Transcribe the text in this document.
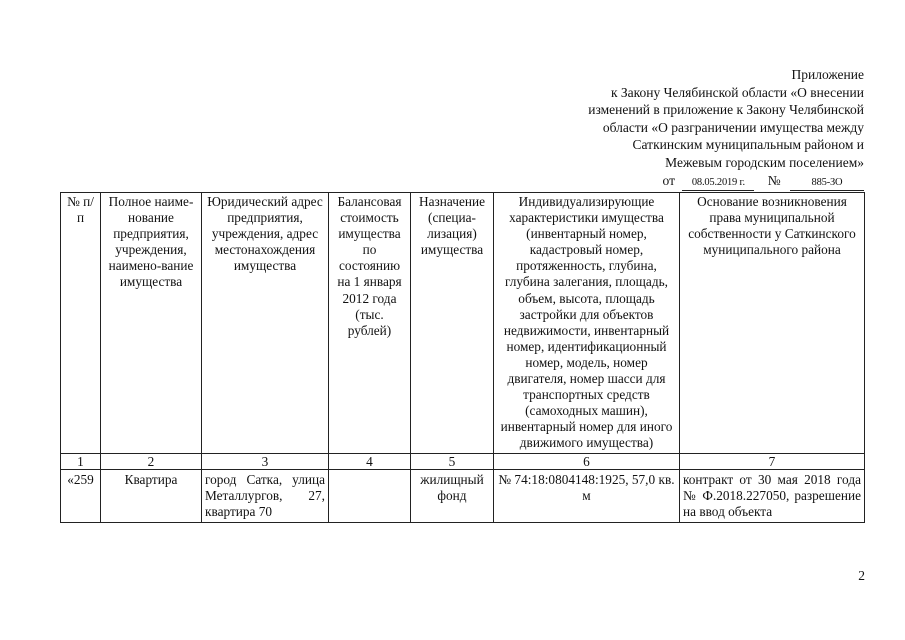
Приложение
к Закону Челябинской области «О внесении
изменений в приложение к Закону Челябинской
области «О разграничении имущества между
Саткинским муниципальным районом и
Межевым городским поселением»
от 08.05.2019 г. №	885-ЗО
№ п/п	Полное наиме-нование предприятия, учреждения, наимено-вание имущества	Юридический адрес предприятия, учреждения, адрес местонахождения имущества	Балансовая стоимость имущества по состоянию на 1 января 2012 года (тыс. рублей)	Назначение (специа-лизация) имущества	Индивидуализирующие характеристики имущества (инвентарный номер, кадастровый номер, протяженность, глубина, глубина залегания, площадь, объем, высота, площадь застройки для объектов недвижимости, инвентарный номер, идентификационный номер, модель, номер двигателя, номер шасси для транспортных средств (самоходных машин), инвентарный номер для иного движимого имущества)	Основание возникновения права муниципальной собственности у Саткинского муниципального района
1	2	3	4	5	6	7
«259	Квартира	город Сатка, улица Металлургов, 27, квартира 70		жилищный фонд	№ 74:18:0804148:1925, 57,0 кв. м	контракт от 30 мая 2018 года № Ф.2018.227050, разрешение на ввод объекта
2
